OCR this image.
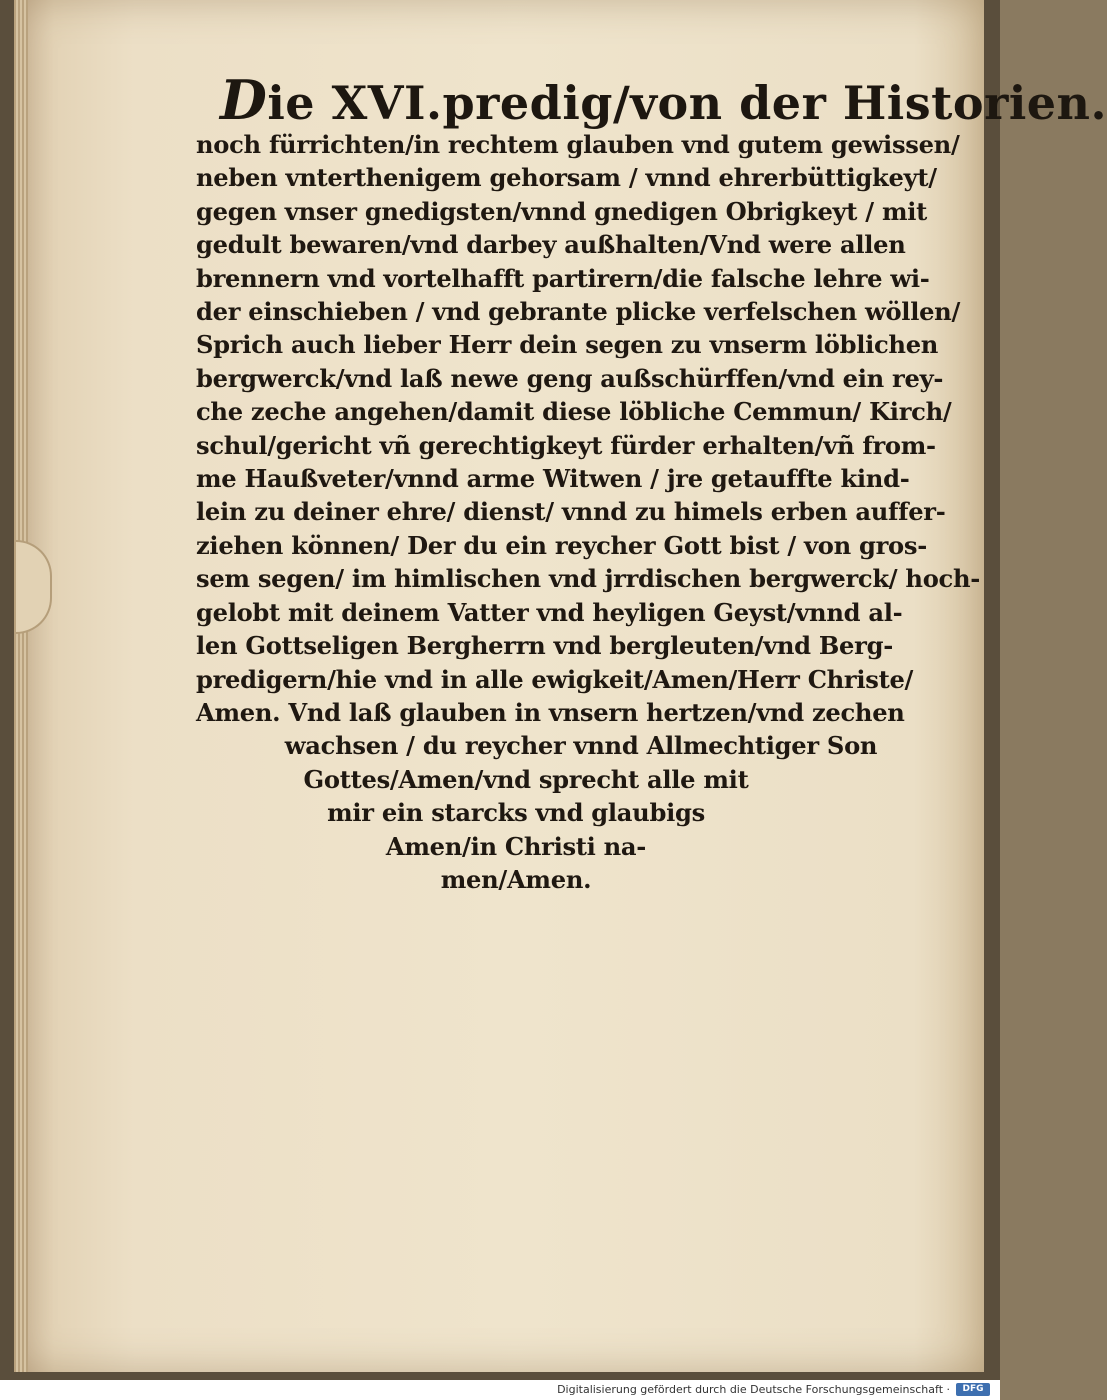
Die XVI.predig/von der Historien.
noch fürrichten/in rechtem glauben vnd gutem gewissen/
neben vnterthenigem gehorsam / vnnd ehrerbüttigkeyt/
gegen vnser gnedigsten/vnnd gnedigen Obrigkeyt / mit
gedult bewaren/vnd darbey außhalten/Vnd were allen
brennern vnd vortelhafft partirern/die falsche lehre wi-
der einschieben / vnd gebrante plicke verfelschen wöllen/
Sprich auch lieber Herr dein segen zu vnserm löblichen
bergwerck/vnd laß newe geng außschürffen/vnd ein rey-
che zeche angehen/damit diese löbliche Cemmun/ Kirch/
schul/gericht vñ gerechtigkeyt fürder erhalten/vñ from-
me Haußveter/vnnd arme Witwen / jre getauffte kind-
lein zu deiner ehre/ dienst/ vnnd zu himels erben auffer-
ziehen können/ Der du ein reycher Gott bist / von gros-
sem segen/ im himlischen vnd jrrdischen bergwerck/ hoch-
gelobt mit deinem Vatter vnd heyligen Geyst/vnnd al-
len Gottseligen Bergherrn vnd bergleuten/vnd Berg-
predigern/hie vnd in alle ewigkeit/Amen/Herr Christe/
Amen. Vnd laß glauben in vnsern hertzen/vnd zechen
wachsen / du reycher vnnd Allmechtiger Son
Gottes/Amen/vnd sprecht alle mit
mir ein starcks vnd glaubigs
Amen/in Christi na-
men/Amen.
Digitalisierung gefördert durch die Deutsche Forschungsgemeinschaft ·	DFG
